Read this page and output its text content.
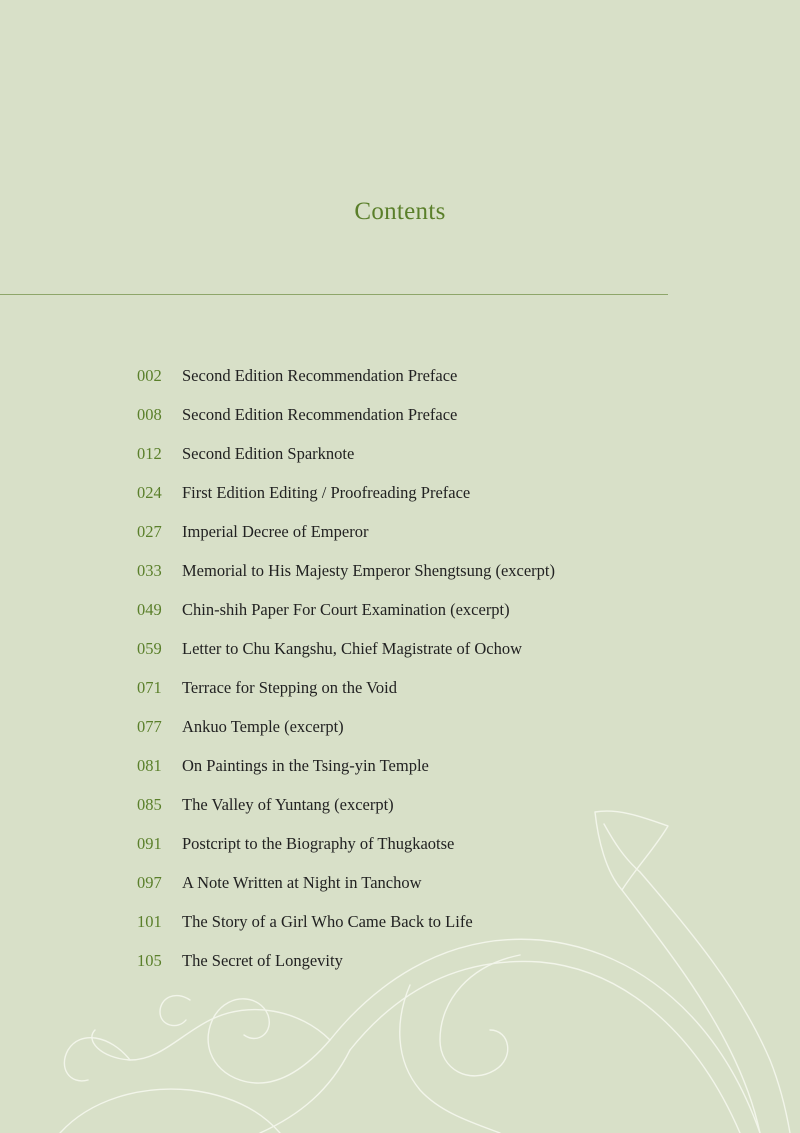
Contents
002	Second Edition Recommendation Preface
008	Second Edition Recommendation Preface
012	Second Edition Sparknote
024	First Edition Editing / Proofreading Preface
027	Imperial Decree of Emperor
033	Memorial to His Majesty Emperor Shengtsung (excerpt)
049	Chin-shih Paper For Court Examination (excerpt)
059	Letter to Chu Kangshu, Chief Magistrate of Ochow
071	Terrace for Stepping on the Void
077	Ankuo Temple (excerpt)
081	On Paintings in the Tsing-yin Temple
085	The Valley of Yuntang (excerpt)
091	Postcript to the Biography of Thugkaotse
097	A Note Written at Night in Tanchow
101	The Story of a Girl Who Came Back to Life
105	The Secret of Longevity
